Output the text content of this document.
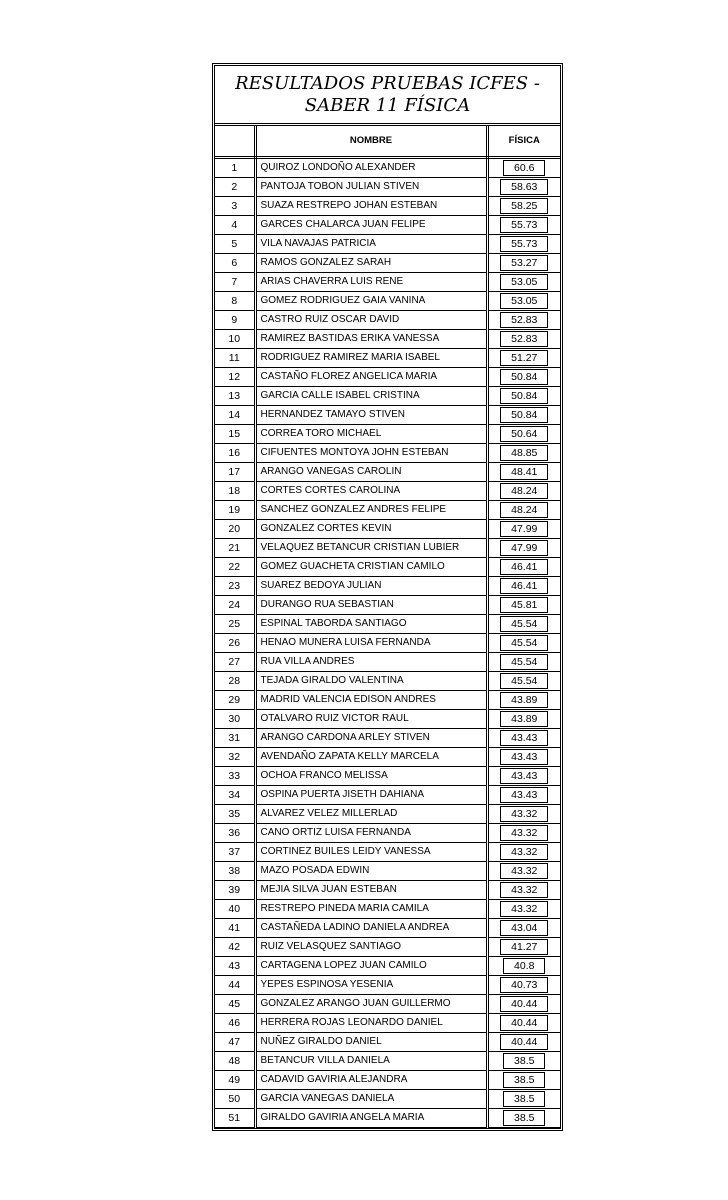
RESULTADOS PRUEBAS ICFES - SABER 11 FÍSICA
	NOMBRE	FÍSICA
1	QUIROZ LONDOÑO ALEXANDER	60.6
2	PANTOJA TOBON JULIAN STIVEN	58.63
3	SUAZA RESTREPO JOHAN ESTEBAN	58.25
4	GARCES CHALARCA JUAN FELIPE	55.73
5	VILA NAVAJAS PATRICIA	55.73
6	RAMOS GONZALEZ SARAH	53.27
7	ARIAS CHAVERRA LUIS RENE	53.05
8	GOMEZ RODRIGUEZ GAIA VANINA	53.05
9	CASTRO RUIZ OSCAR DAVID	52.83
10	RAMIREZ BASTIDAS ERIKA VANESSA	52.83
11	RODRIGUEZ RAMIREZ MARIA ISABEL	51.27
12	CASTAÑO FLOREZ ANGELICA MARIA	50.84
13	GARCIA CALLE ISABEL CRISTINA	50.84
14	HERNANDEZ TAMAYO STIVEN	50.84
15	CORREA TORO MICHAEL	50.64
16	CIFUENTES MONTOYA JOHN ESTEBAN	48.85
17	ARANGO VANEGAS CAROLIN	48.41
18	CORTES CORTES CAROLINA	48.24
19	SANCHEZ GONZALEZ ANDRES FELIPE	48.24
20	GONZALEZ CORTES KEVIN	47.99
21	VELAQUEZ BETANCUR CRISTIAN LUBIER	47.99
22	GOMEZ GUACHETA CRISTIAN CAMILO	46.41
23	SUAREZ BEDOYA JULIAN	46.41
24	DURANGO RUA SEBASTIAN	45.81
25	ESPINAL TABORDA SANTIAGO	45.54
26	HENAO MUNERA LUISA FERNANDA	45.54
27	RUA VILLA ANDRES	45.54
28	TEJADA GIRALDO VALENTINA	45.54
29	MADRID VALENCIA EDISON ANDRES	43.89
30	OTALVARO RUIZ VICTOR RAUL	43.89
31	ARANGO CARDONA ARLEY STIVEN	43.43
32	AVENDAÑO ZAPATA KELLY MARCELA	43.43
33	OCHOA FRANCO MELISSA	43.43
34	OSPINA PUERTA JISETH DAHIANA	43.43
35	ALVAREZ VELEZ MILLERLAD	43.32
36	CANO ORTIZ LUISA FERNANDA	43.32
37	CORTINEZ BUILES LEIDY VANESSA	43.32
38	MAZO POSADA EDWIN	43.32
39	MEJIA SILVA JUAN ESTEBAN	43.32
40	RESTREPO PINEDA MARIA CAMILA	43.32
41	CASTAÑEDA LADINO DANIELA ANDREA	43.04
42	RUIZ VELASQUEZ SANTIAGO	41.27
43	CARTAGENA LOPEZ JUAN CAMILO	40.8
44	YEPES ESPINOSA YESENIA	40.73
45	GONZALEZ ARANGO JUAN GUILLERMO	40.44
46	HERRERA ROJAS LEONARDO DANIEL	40.44
47	NUÑEZ GIRALDO DANIEL	40.44
48	BETANCUR VILLA DANIELA	38.5
49	CADAVID GAVIRIA ALEJANDRA	38.5
50	GARCIA VANEGAS DANIELA	38.5
51	GIRALDO GAVIRIA ANGELA MARIA	38.5
